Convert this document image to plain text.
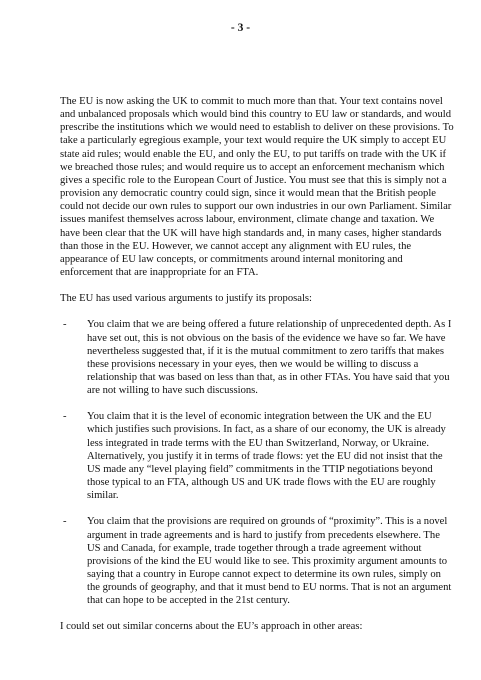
- 3 -

The EU is now asking the UK to commit to much more than that. Your text contains novel and unbalanced proposals which would bind this country to EU law or standards, and would prescribe the institutions which we would need to establish to deliver on these provisions. To take a particularly egregious example, your text would require the UK simply to accept EU state aid rules; would enable the EU, and only the EU, to put tariffs on trade with the UK if we breached those rules; and would require us to accept an enforcement mechanism which gives a specific role to the European Court of Justice. You must see that this is simply not a provision any democratic country could sign, since it would mean that the British people could not decide our own rules to support our own industries in our own Parliament. Similar issues manifest themselves across labour, environment, climate change and taxation. We have been clear that the UK will have high standards and, in many cases, higher standards than those in the EU. However, we cannot accept any alignment with EU rules, the appearance of EU law concepts, or commitments around internal monitoring and enforcement that are inappropriate for an FTA.

The EU has used various arguments to justify its proposals:

- You claim that we are being offered a future relationship of unprecedented depth. As I have set out, this is not obvious on the basis of the evidence we have so far. We have nevertheless suggested that, if it is the mutual commitment to zero tariffs that makes these provisions necessary in your eyes, then we would be willing to discuss a relationship that was based on less than that, as in other FTAs. You have said that you are not willing to have such discussions.
- You claim that it is the level of economic integration between the UK and the EU which justifies such provisions. In fact, as a share of our economy, the UK is already less integrated in trade terms with the EU than Switzerland, Norway, or Ukraine. Alternatively, you justify it in terms of trade flows: yet the EU did not insist that the US made any “level playing field” commitments in the TTIP negotiations beyond those typical to an FTA, although US and UK trade flows with the EU are roughly similar.
- You claim that the provisions are required on grounds of “proximity”. This is a novel argument in trade agreements and is hard to justify from precedents elsewhere. The US and Canada, for example, trade together through a trade agreement without provisions of the kind the EU would like to see. This proximity argument amounts to saying that a country in Europe cannot expect to determine its own rules, simply on the grounds of geography, and that it must bend to EU norms. That is not an argument that can hope to be accepted in the 21st century.

I could set out similar concerns about the EU’s approach in other areas:
